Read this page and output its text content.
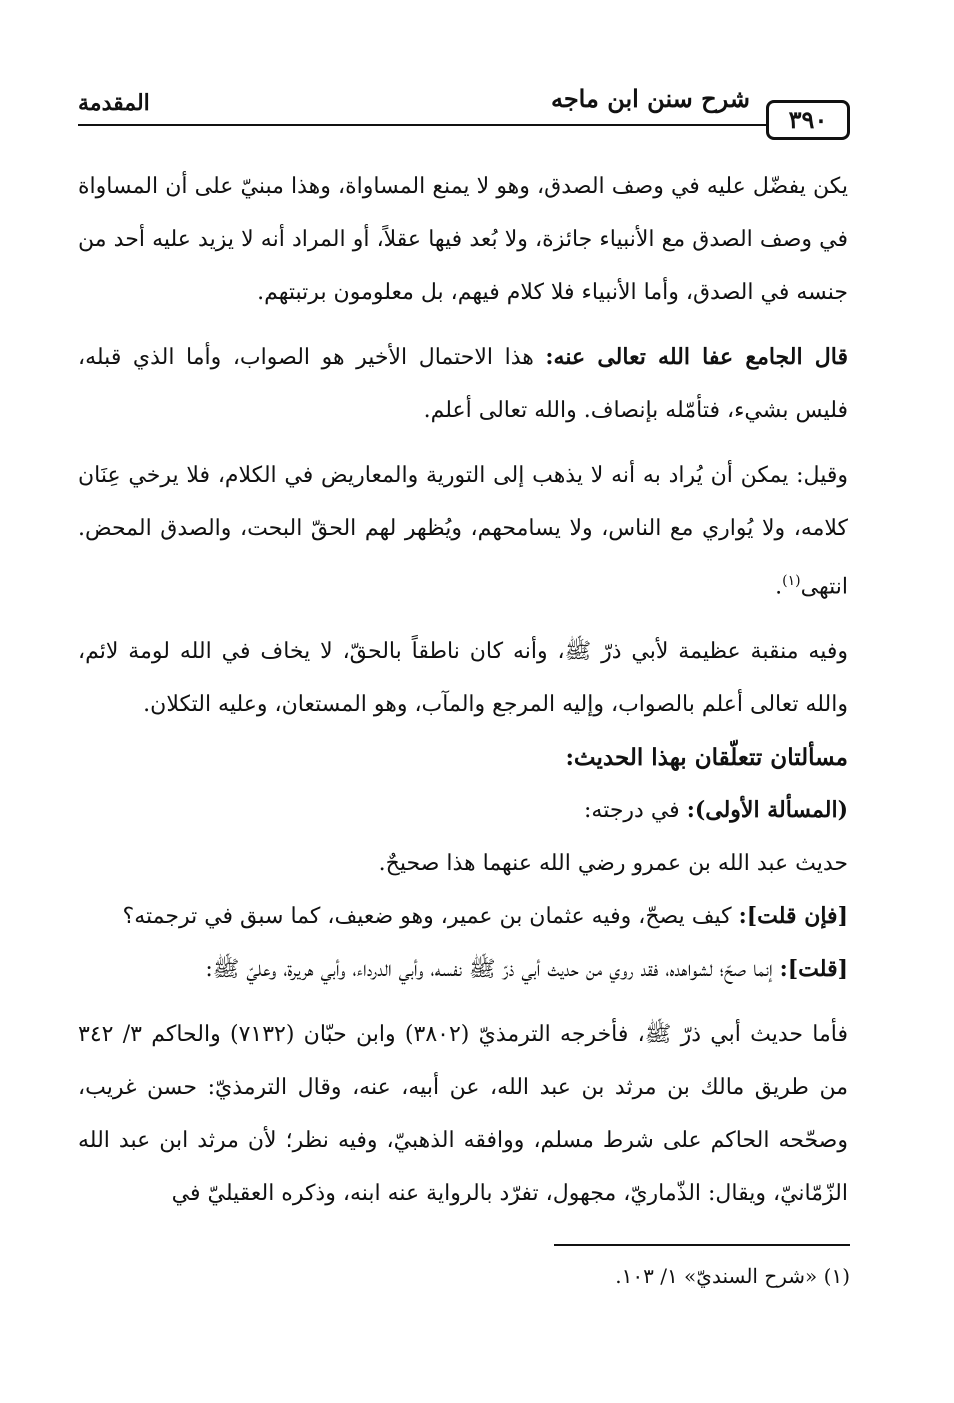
٣٩٠
شرح سنن ابن ماجه
المقدمة

يكن يفضّل عليه في وصف الصدق، وهو لا يمنع المساواة، وهذا مبنيّ على أن المساواة في وصف الصدق مع الأنبياء جائزة، ولا بُعد فيها عقلاً، أو المراد أنه لا يزيد عليه أحد من جنسه في الصدق، وأما الأنبياء فلا كلام فيهم، بل معلومون برتبتهم.

قال الجامع عفا الله تعالى عنه: هذا الاحتمال الأخير هو الصواب، وأما الذي قبله، فليس بشيء، فتأمّله بإنصاف. والله تعالى أعلم.

وقيل: يمكن أن يُراد به أنه لا يذهب إلى التورية والمعاريض في الكلام، فلا يرخي عِنَان كلامه، ولا يُواري مع الناس، ولا يسامحهم، ويُظهر لهم الحقّ البحت، والصدق المحض. انتهى$^{(١)}$.

وفيه منقبة عظيمة لأبي ذرّ ﷺ، وأنه كان ناطقاً بالحقّ، لا يخاف في الله لومة لائم، والله تعالى أعلم بالصواب، وإليه المرجع والمآب، وهو المستعان، وعليه التكلان.

مسألتان تتعلّقان بهذا الحديث:

(المسألة الأولى): في درجته:

حديث عبد الله بن عمرو رضي الله عنهما هذا صحيحٌ.

[فإن قلت]: كيف يصحّ، وفيه عثمان بن عمير، وهو ضعيف، كما سبق في ترجمته؟

[قلت]: إنما صحّ؛ لشواهده، فقد روي من حديث أبي ذرّ ﷺ نفسه، وأبي الدرداء، وأبي هريرة، وعليّ ﷺ:

فأما حديث أبي ذرّ ﷺ، فأخرجه الترمذيّ (٣٨٠٢) وابن حبّان (٧١٣٢) والحاكم ٣/ ٣٤٢ من طريق مالك بن مرثد بن عبد الله، عن أبيه، عنه، وقال الترمذيّ: حسن غريب، وصحّحه الحاكم على شرط مسلم، ووافقه الذهبيّ، وفيه نظر؛ لأن مرثد ابن عبد الله الزّمّانيّ، ويقال: الذّماريّ، مجهول، تفرّد بالرواية عنه ابنه، وذكره العقيليّ في

(١) «شرح السنديّ» ١/ ١٠٣.
